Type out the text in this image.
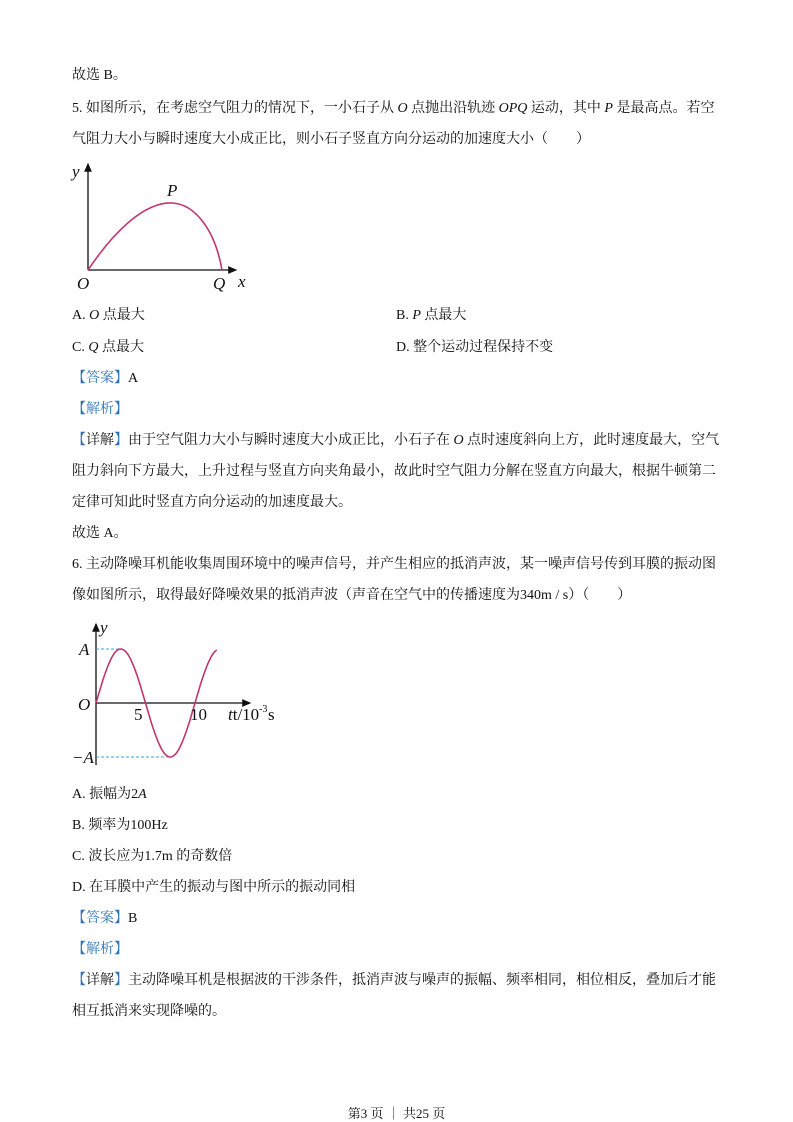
故选 B。
5. 如图所示，在考虑空气阻力的情况下，一小石子从 O 点抛出沿轨迹 OPQ 运动，其中 P 是最高点。若空
气阻力大小与瞬时速度大小成正比，则小石子竖直方向分运动的加速度大小（　　）
A. O 点最大	B. P 点最大
C. Q 点最大	D. 整个运动过程保持不变
【答案】A
【解析】
【详解】由于空气阻力大小与瞬时速度大小成正比，小石子在 O 点时速度斜向上方，此时速度最大，空气
阻力斜向下方最大，上升过程与竖直方向夹角最小，故此时空气阻力分解在竖直方向最大，根据牛顿第二
定律可知此时竖直方向分运动的加速度最大。
故选 A。
6. 主动降噪耳机能收集周围环境中的噪声信号，并产生相应的抵消声波，某一噪声信号传到耳膜的振动图
像如图所示，取得最好降噪效果的抵消声波（声音在空气中的传播速度为340m / s）（　　）
A. 振幅为2A
B. 频率为100Hz
C. 波长应为1.7m 的奇数倍
D. 在耳膜中产生的振动与图中所示的振动同相
【答案】B
【解析】
【详解】主动降噪耳机是根据波的干涉条件，抵消声波与噪声的振幅、频率相同，相位相反，叠加后才能
相互抵消来实现降噪的。
y
P
O	Q x
y
A
−A
O
5	10 tt/10 -3 s
第3 页 ｜ 共25 页
